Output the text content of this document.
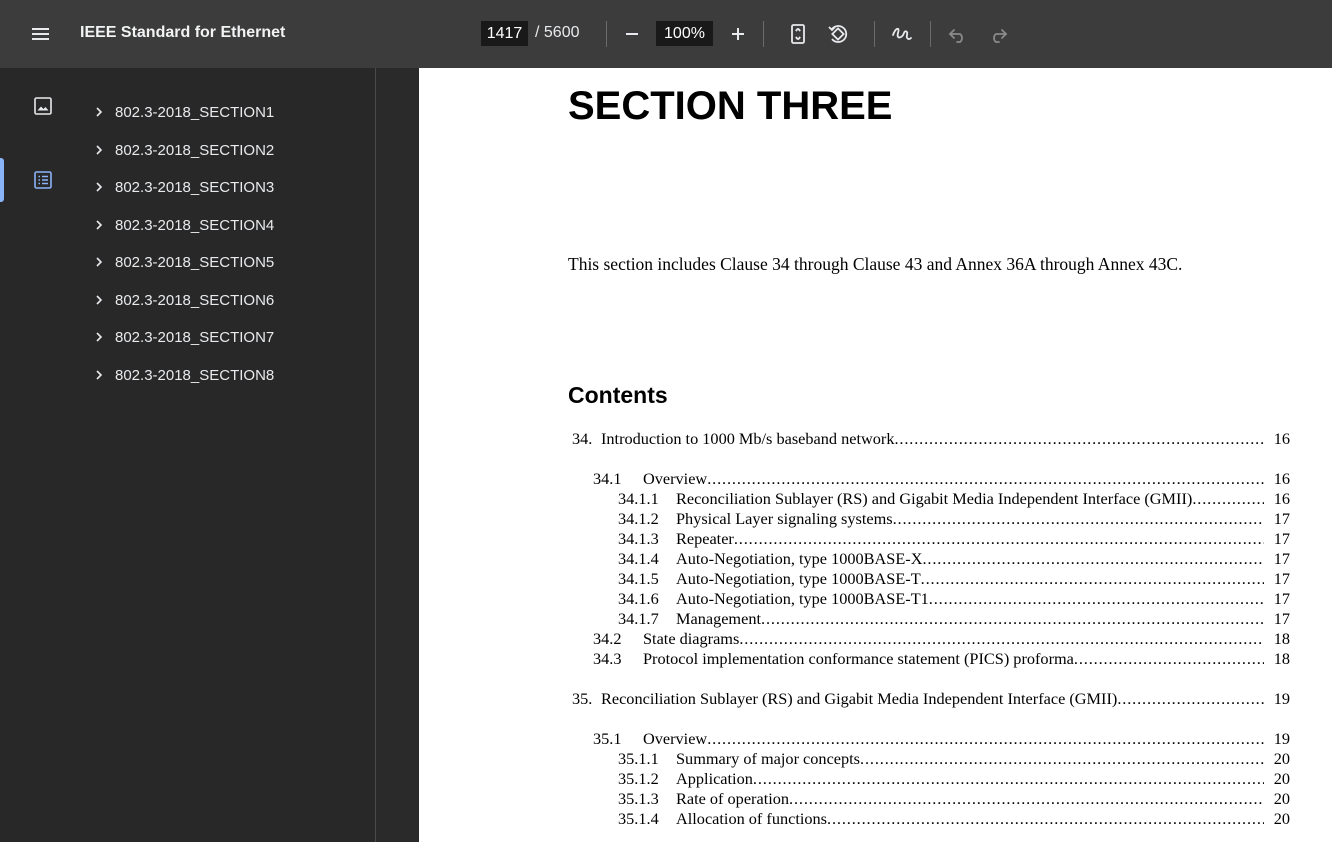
IEEE Standard for Ethernet
1417	/ 5600
100%
802.3-2018_SECTION1
802.3-2018_SECTION2
802.3-2018_SECTION3
802.3-2018_SECTION4
802.3-2018_SECTION5
802.3-2018_SECTION6
802.3-2018_SECTION7
802.3-2018_SECTION8
SECTION THREE
This section includes Clause 34 through Clause 43 and Annex 36A through Annex 43C.
Contents
34. Introduction to 1000 Mb/s baseband network . . .	16
34.1	Overview . . .	16
34.1.1	Reconciliation Sublayer (RS) and Gigabit Media Independent Interface (GMII) . . .	16
34.1.2	Physical Layer signaling systems . . .	17
34.1.3	Repeater . . .	17
34.1.4	Auto-Negotiation, type 1000BASE-X . . .	17
34.1.5	Auto-Negotiation, type 1000BASE-T . . .	17
34.1.6	Auto-Negotiation, type 1000BASE-T1 . . .	17
34.1.7	Management . . .	17
34.2	State diagrams . . .	18
34.3	Protocol implementation conformance statement (PICS) proforma . . .	18
35. Reconciliation Sublayer (RS) and Gigabit Media Independent Interface (GMII) . . .	19
35.1	Overview . . .	19
35.1.1	Summary of major concepts . . .	20
35.1.2	Application . . .	20
35.1.3	Rate of operation . . .	20
35.1.4	Allocation of functions . . .	20
